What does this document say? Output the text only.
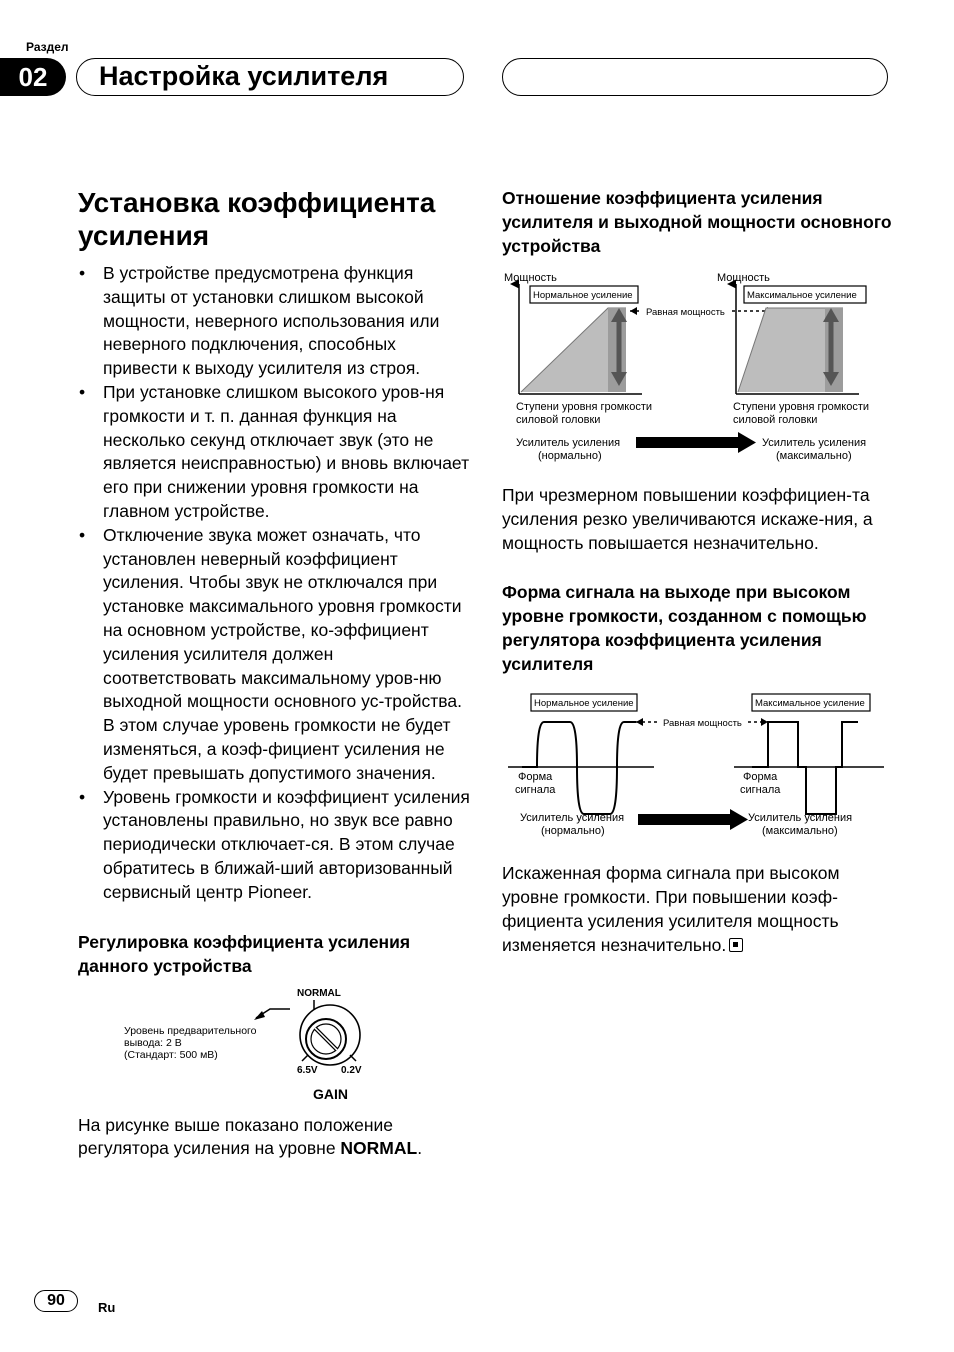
Раздел
02	Настройка усилителя
Установка коэффициента усиления
• В устройстве предусмотрена функция защиты от установки слишком высокой мощности, неверного использования или неверного подключения, способных привести к выходу усилителя из строя.
• При установке слишком высокого уров-ня громкости и т. п. данная функция на несколько секунд отключает звук (это не является неисправностью) и вновь включает его при снижении уровня громкости на главном устройстве.
• Отключение звука может означать, что установлен неверный коэффициент усиления. Чтобы звук не отключался при установке максимального уровня громкости на основном устройстве, ко-эффициент усиления усилителя должен соответствовать максимальному уров-ню выходной мощности основного ус-тройства. В этом случае уровень громкости не будет изменяться, а коэф-фициент усиления не будет превышать допустимого значения.
• Уровень громкости и коэффициент усиления установлены правильно, но звук все равно периодически отключает-ся. В этом случае обратитесь в ближай-ший авторизованный сервисный центр Pioneer.
Регулировка коэффициента усиления данного устройства
Уровень предварительного
вывода: 2 В
(Стандарт: 500 мВ)
NORMAL
6.5V 0.2V
GAIN
На рисунке выше показано положение регулятора усиления на уровне NORMAL.
Отношение коэффициента усиления усилителя и выходной мощности основного устройства
Мощность
Нормальное усиление
Ступени уровня громкости
силовой головки
Равная мощность
Мощность
Максимальное усиление
Ступени уровня громкости
силовой головки
Усилитель усиления
(нормально)
Усилитель усиления
(максимально)
При чрезмерном повышении коэффициен-та усиления резко увеличиваются искаже-ния, а мощность повышается незначительно.
Форма сигнала на выходе при высоком уровне громкости, созданном с помощью регулятора коэффициента усиления усилителя
Нормальное усиление	Максимальное усиление
Равная мощность
Форма
сигнала
Форма
сигнала
Усилитель усиления
(нормально)
Усилитель усиления
(максимально)
Искаженная форма сигнала при высоком уровне громкости. При повышении коэф-фициента усиления усилителя мощность изменяется незначительно.
90	Ru
